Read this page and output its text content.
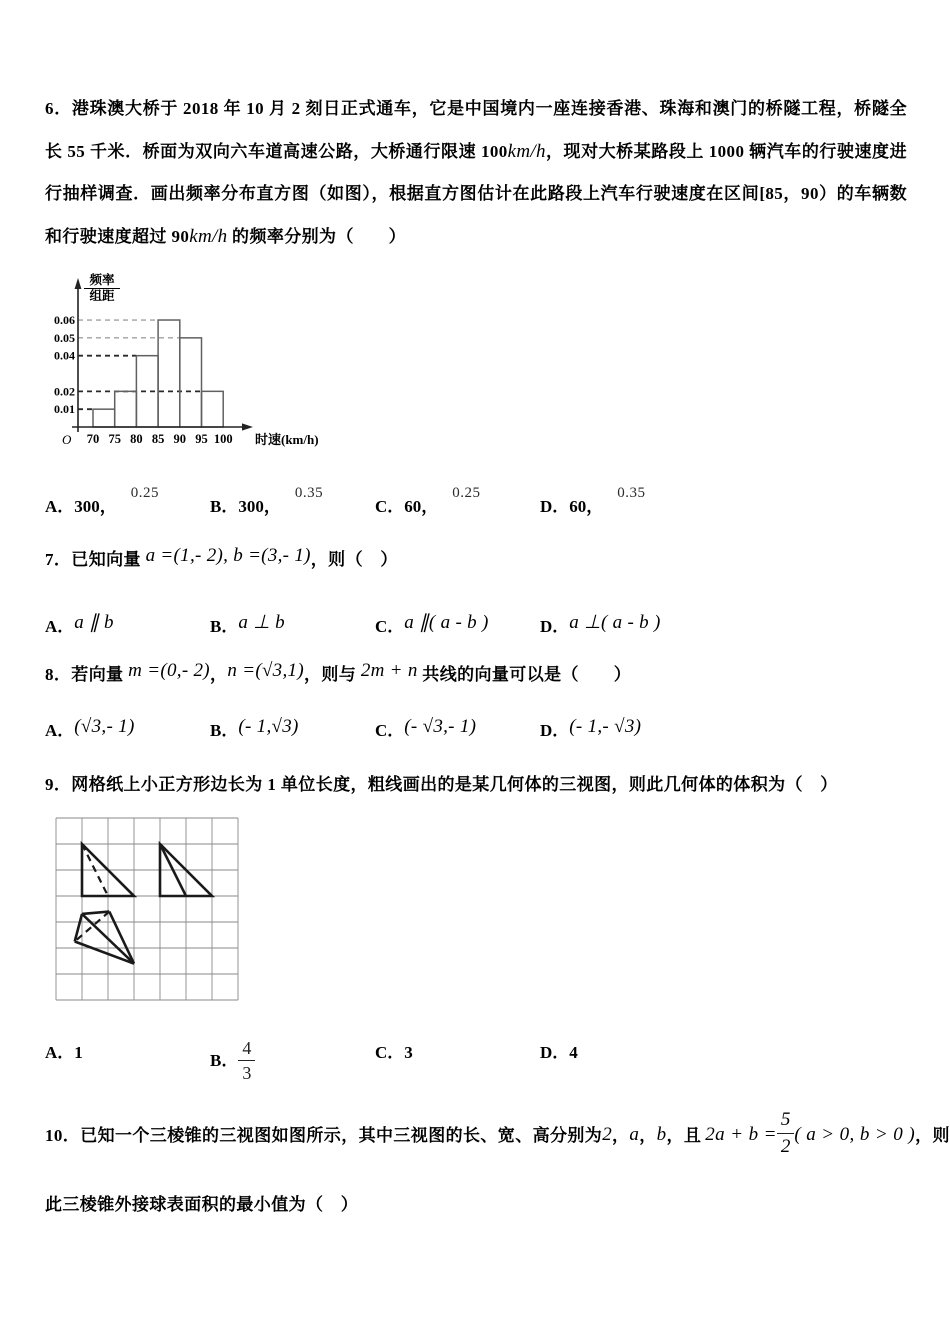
6．港珠澳大桥于 2018 年 10 月 2 刻日正式通车，它是中国境内一座连接香港、珠海和澳门的桥隧工程，桥隧全长 55 千米．桥面为双向六车道高速公路，大桥通行限速 100km/h，现对大桥某路段上 1000 辆汽车的行驶速度进行抽样调查．画出频率分布直方图（如图），根据直方图估计在此路段上汽车行驶速度在区间[85，90）的车辆数和行驶速度超过 90km/h 的频率分别为（　　）

频率
组距
0.01
0.02
0.04
0.05
0.06
70 75 80 85 90 95 100
O	时速(km/h)
A．300，0.25
B．300，0.35
C．60，0.25
D．60，0.35

7．已知向量 a =(1,- 2), b =(3,- 1)，则（　）

A．a ∥ b	B．a ⊥ b	C．a ∥( a - b )	D．a ⊥( a - b )

8．若向量 m =(0,- 2)，n =(√3,1)，则与 2m + n 共线的向量可以是（　　）

A．(√3,- 1)	B．(- 1,√3)	C．(- √3,- 1)	D．(- 1,- √3)

9．网格纸上小正方形边长为 1 单位长度，粗线画出的是某几何体的三视图，则此几何体的体积为（　）

A．1	B． $\frac{4}{3}$	C．3	D．4
10．已知一个三棱锥的三视图如图所示，其中三视图的长、宽、高分别为 2 ， a ， b ，且 $2a + b = \frac{5}{2}$ ( a > 0, b > 0 ) ，则

此三棱锥外接球表面积的最小值为（　）
